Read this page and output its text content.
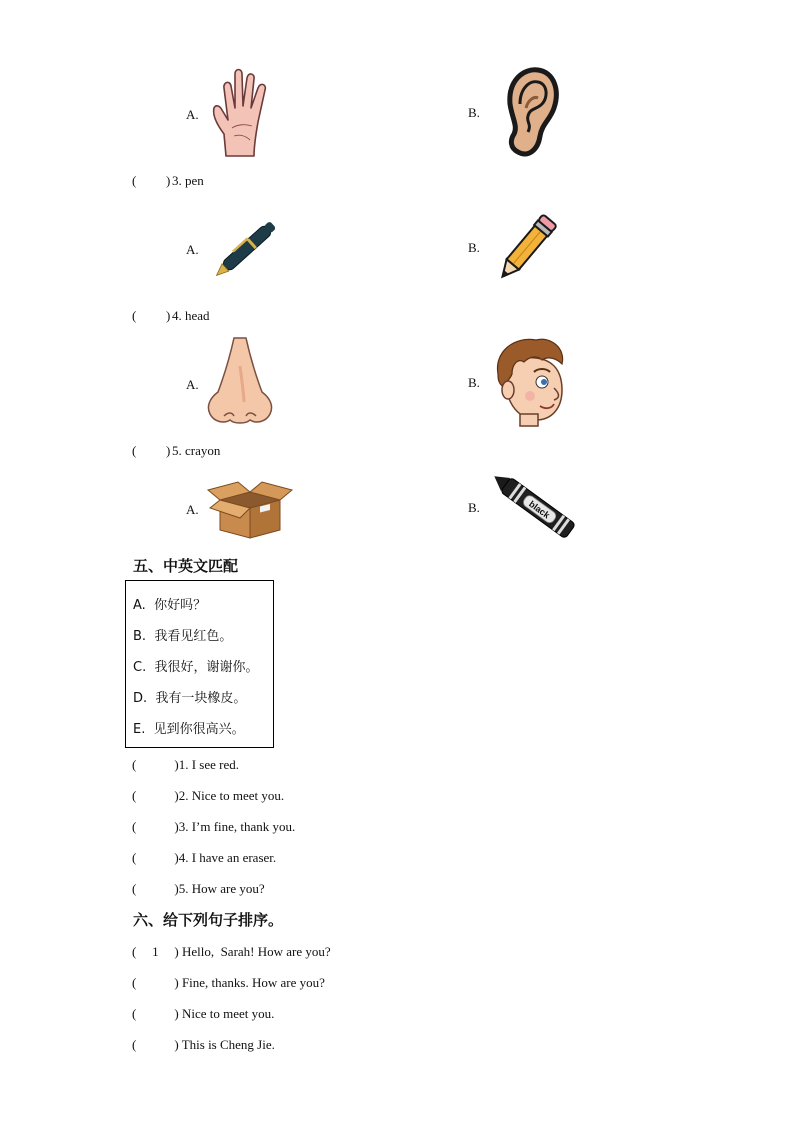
A.	B.
( ) 3. pen
A.	B.
( ) 4. head
A.	B.
( ) 5. crayon
A.	B.	black
五、中英文匹配
A. 你好吗？
B. 我看见红色。
C. 我很好，谢谢你。
D. 我有一块橡皮。
E. 见到你很高兴。
(	)1. I see red.
(	)2. Nice to meet you.
(	)3. I’m fine, thank you.
(	)4. I have an eraser.
(	)5. How are you?
六、给下列句子排序。
( 1 ) Hello,  Sarah! How are you?
(	) Fine, thanks. How are you?
(	) Nice to meet you.
(	) This is Cheng Jie.
